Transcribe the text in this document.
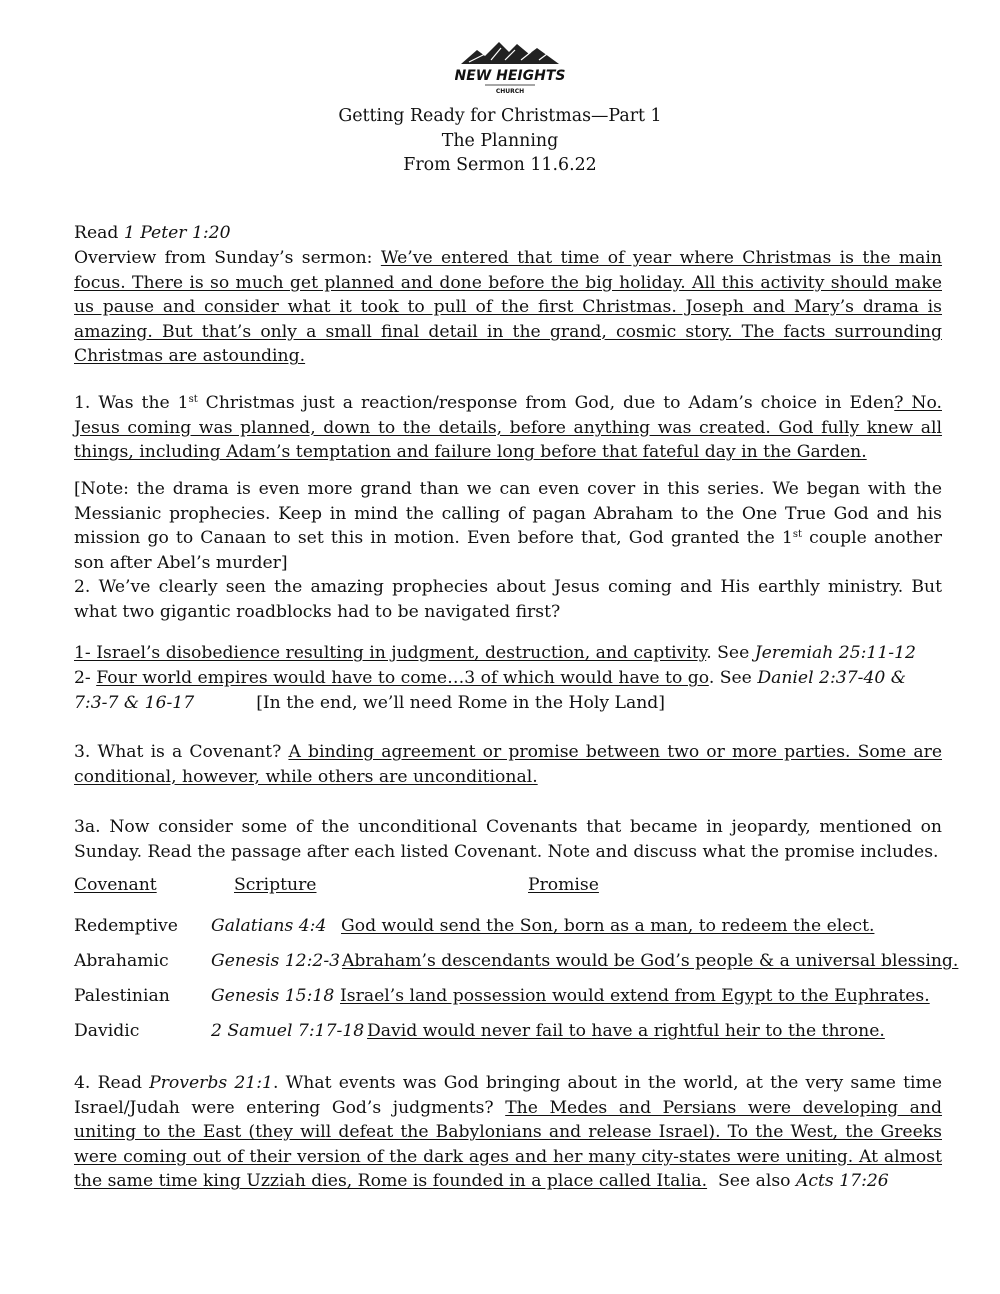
NEW HEIGHTS
CHURCH
Getting Ready for Christmas—Part 1
The Planning
From Sermon 11.6.22
Read 1 Peter 1:20
Overview from Sunday’s sermon: We’ve entered that time of year where Christmas is the main focus. There is so much get planned and done before the big holiday. All this activity should make us pause and consider what it took to pull of the first Christmas. Joseph and Mary’s drama is amazing. But that’s only a small final detail in the grand, cosmic story. The facts surrounding Christmas are astounding.
1. Was the 1st Christmas just a reaction/response from God, due to Adam’s choice in Eden? No. Jesus coming was planned, down to the details, before anything was created. God fully knew all things, including Adam’s temptation and failure long before that fateful day in the Garden.
[Note: the drama is even more grand than we can even cover in this series. We began with the Messianic prophecies. Keep in mind the calling of pagan Abraham to the One True God and his mission go to Canaan to set this in motion. Even before that, God granted the 1st couple another son after Abel’s murder]
2. We’ve clearly seen the amazing prophecies about Jesus coming and His earthly ministry. But what two gigantic roadblocks had to be navigated first?
1- Israel’s disobedience resulting in judgment, destruction, and captivity. See Jeremiah 25:11-12
2- Four world empires would have to come…3 of which would have to go. See Daniel 2:37-40 & 7:3-7 & 16-17	[In the end, we’ll need Rome in the Holy Land]
3. What is a Covenant? A binding agreement or promise between two or more parties. Some are conditional, however, while others are unconditional.
3a. Now consider some of the unconditional Covenants that became in jeopardy, mentioned on Sunday. Read the passage after each listed Covenant. Note and discuss what the promise includes.
Covenant	Scripture	Promise
Redemptive Galatians 4:4 God would send the Son, born as a man, to redeem the elect.
Abrahamic Genesis 12:2-3 Abraham’s descendants would be God’s people & a universal blessing.
Palestinian Genesis 15:18 Israel’s land possession would extend from Egypt to the Euphrates.
Davidic	2 Samuel 7:17-18 David would never fail to have a rightful heir to the throne.
4. Read Proverbs 21:1. What events was God bringing about in the world, at the very same time Israel/Judah were entering God’s judgments? The Medes and Persians were developing and uniting to the East (they will defeat the Babylonians and release Israel). To the West, the Greeks were coming out of their version of the dark ages and her many city-states were uniting. At almost the same time king Uzziah dies, Rome is founded in a place called Italia.  See also Acts 17:26
